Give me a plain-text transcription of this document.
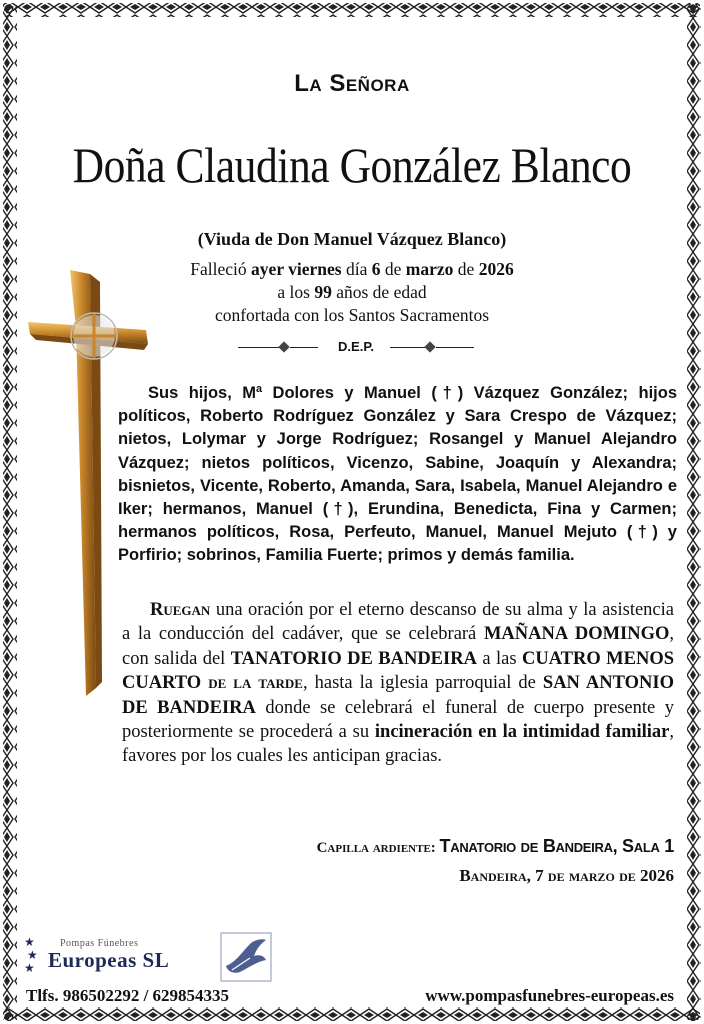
La Señora
Doña Claudina González Blanco
(Viuda de Don Manuel Vázquez Blanco)
Falleció ayer viernes día 6 de marzo de 2026
a los 99 años de edad
confortada con los Santos Sacramentos
D.E.P.
Sus hijos, Mª Dolores y Manuel (†) Vázquez González; hijos políticos, Roberto Rodríguez González y Sara Crespo de Vázquez; nietos, Lolymar y Jorge Rodríguez; Rosangel y Manuel Alejandro Vázquez; nietos políticos, Vicenzo, Sabine, Joaquín y Alexandra; bisnietos, Vicente, Roberto, Amanda, Sara, Isabela, Manuel Alejandro e Iker; hermanos, Manuel (†), Erundina, Benedicta, Fina y Carmen; hermanos políticos, Rosa, Perfeuto, Manuel, Manuel Mejuto (†) y Porfirio; sobrinos, Familia Fuerte; primos y demás familia.
Ruegan una oración por el eterno descanso de su alma y la asistencia a la conducción del cadáver, que se celebrará MAÑANA DOMINGO, con salida del TANATORIO DE BANDEIRA a las CUATRO MENOS CUARTO de la tarde, hasta la iglesia parroquial de SAN ANTONIO DE BANDEIRA donde se celebrará el funeral de cuerpo presente y posteriormente se procederá a su incineración en la intimidad familiar, favores por los cuales les anticipan gracias.
Capilla ardiente: Tanatorio de Bandeira, Sala 1
Bandeira, 7 de marzo de 2026
★
★
★
Pompas Fúnebres
Europeas SL
Tlfs. 986502292 / 629854335	www.pompasfunebres-europeas.es
